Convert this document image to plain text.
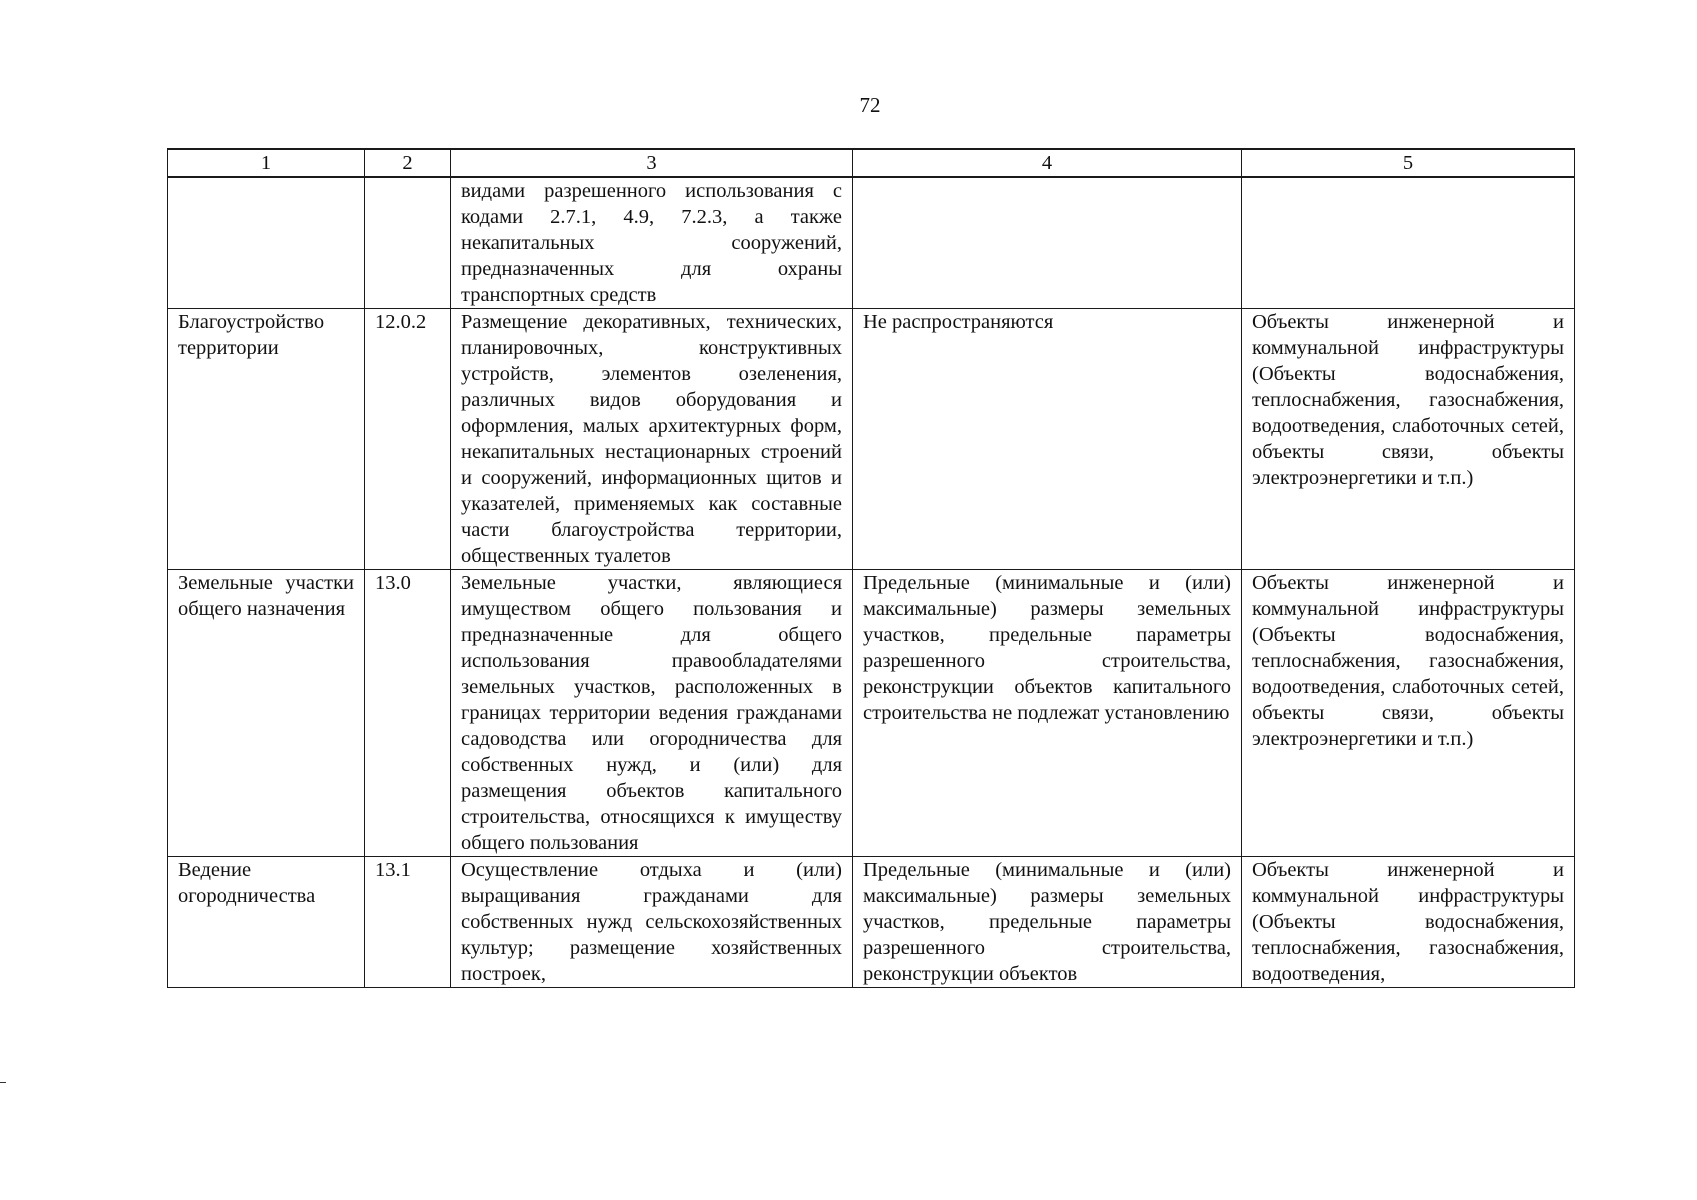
72
1	2	3	4	5
		видами разрешенного использования с кодами 2.7.1, 4.9, 7.2.3, а также некапитальных сооружений, предназначенных для охраны транспортных средств		
Благоустройство территории	12.0.2	Размещение декоративных, технических, планировочных, конструктивных устройств, элементов озеленения, различных видов оборудования и оформления, малых архитектурных форм, некапитальных нестационарных строений и сооружений, информационных щитов и указателей, применяемых как составные части благоустройства территории, общественных туалетов	Не распространяются	Объекты инженерной и коммунальной инфраструктуры (Объекты водоснабжения, теплоснабжения, газоснабжения, водоотведения, слаботочных сетей, объекты связи, объекты электроэнергетики и т.п.)
Земельные участки общего назначения	13.0	Земельные участки, являющиеся имуществом общего пользования и предназначенные для общего использования правообладателями земельных участков, расположенных в границах территории ведения гражданами садоводства или огородничества для собственных нужд, и (или) для размещения объектов капитального строительства, относящихся к имуществу общего пользования	Предельные (минимальные и (или) максимальные) размеры земельных участков, предельные параметры разрешенного строительства, реконструкции объектов капитального строительства не подлежат установлению	Объекты инженерной и коммунальной инфраструктуры (Объекты водоснабжения, теплоснабжения, газоснабжения, водоотведения, слаботочных сетей, объекты связи, объекты электроэнергетики и т.п.)
Ведение огородничества	13.1	Осуществление отдыха и (или) выращивания гражданами для собственных нужд сельскохозяйственных культур; размещение хозяйственных построек,	Предельные (минимальные и (или) максимальные) размеры земельных участков, предельные параметры разрешенного строительства, реконструкции объектов	Объекты инженерной и коммунальной инфраструктуры (Объекты водоснабжения, теплоснабжения, газоснабжения, водоотведения,
